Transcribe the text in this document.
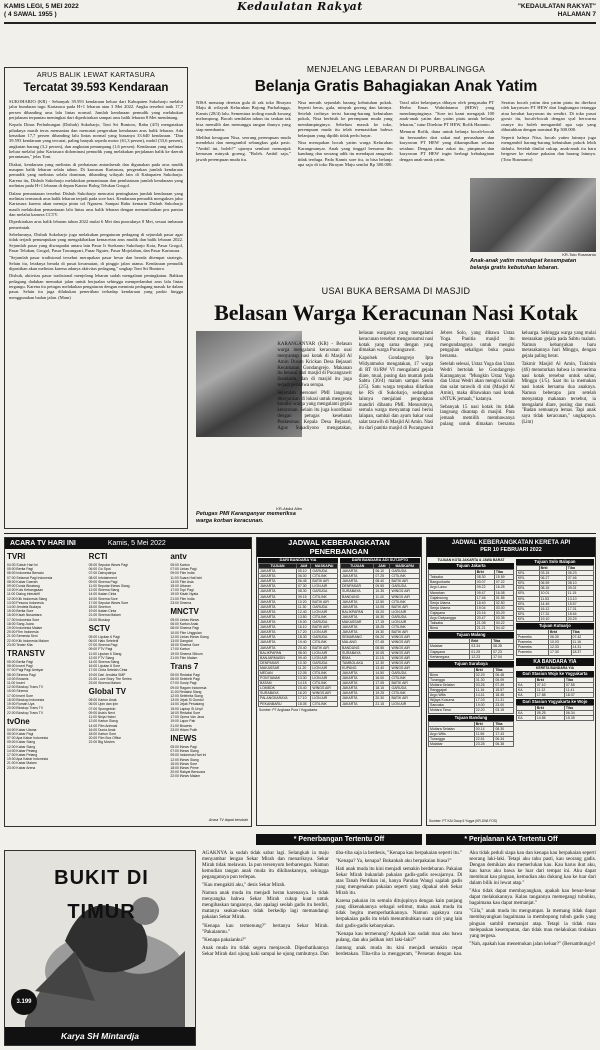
KAMIS LEGI, 5 MEI 2022
( 4 SAWAL 1955 )
Kedaulatan Rakyat	"KEDAULATAN RAKYAT"
HALAMAN 7
ARUS BALIK LEWAT KARTASURA
Tercatat 39.593 Kendaraan

SUKOHARJO (KR) - Sebanyak 39.593 kendaraan keluar dari Kabupaten Sukoharjo melalui jalur bundaran tugu Kartasura pada H+1 lebaran atau 3 Mei 2022. Angka tersebut naik 17,7 persen dibanding arus lalu lintas normal. Jumlah kendaraan pemudik yang melakukan perjalanan terpantau meningkat dari diperkirakan sampai arus balik lebaran 8 Mei mendatang.

Kepala Dinas Perhubungan (Dishub) Sukoharjo, Toni Sri Buntoro, Rabu (4/5) mengatakan pihaknya masih terus memantau dan mencatat pergerakan kendaraan arus balik lebaran. Ada kenaikan 17,7 persen dibanding lalu lintas normal yang biasanya 33.640 kendaraan. "Dan 39.593 kendaraan yang tercatat, paling banyak sepeda motor (61,3 persen), mobil (33,6 persen), angkutan barang (3,2 persen), dan angkutan penumpang (1,6 persen). Kendaraan yang melintas keluar melalui jalur Kartasura didominasi pemudik yang melakukan perjalanan balik ke daerah perantauan," jelas Toni.

Diakui, kendaraan yang melintas di perbatasan antardaerah dan digunakan pada arus mudik maupun balik lebaran selalu tahun. Di kawasan Kartasura, pergerakan jumlah kendaraan pemudik yang melintas selalu dominan, dibanding wilayah lain di Kabupaten Sukoharjo. Karena itu, Dishub Sukoharjo melakukan pemantauan dan pembatasan jumlah kendaraan yang melintas pada H+1 lebaran di depan Kantor Bulog Telukan Grogol.

Dalam pemantauan tersebut Dishub Sukoharjo mencatat peningkatan jumlah kendaraan yang melintas termasuk arus balik lebaran terjadi pada sore hari. Kendaraan pemudik mengakses jalur Kartasura karena akan menuju pintu tol Ngasem. Sampai Rabu kemarin Dishub Sukoharjo masih melakukan pemantauan lalu lintas arus balik lebaran dengan memanfaatkan pos pantau dan melalui kamera CCTV.

Diperkirakan arus balik lebaran tahun 2022 mulai 6 Mei dan puncaknya 8 Mei, sesuai imbauan pemerintah.

Sebelumnya, Dishub Sukoharjo juga melakukan pengaturan pedagang di sejumlah pasar agar tidak terjadi penumpukan yang mengakibatkan kemacetan arus mudik dan balik lebaran 2022. Sejumlah pasar yang diwaspadai antara lain Pasar Ir Soekarno Sukoharjo Kota, Pasar Grogol, Pasar Telukan, Grogol, Pasar Tawangsari, Pasar Nguter, Pasar Mojolaban, dan Pasar Kartasura.

"Sejumlah pasar tradisional tersebut merupakan pasar besar dan berada ditempat strategis. Selain itu, letaknya berada di pusat kecamatan, di pinggir jalan utama. Kendaraan pemudik dipastikan akan melintas karena adanya aktivitas pedagang," ungkap Toni Sri Buntoro.

Dishub, aktivitas pasar tradisional menjelang lebaran sudah mengalami peningkatan. Bahkan pedagang dadakan memakai jalan untuk berjualan sehingga memperlambat arus lalu lintas tergangu. Karena itu petugas melakukan pengaturan dengan meminta pedagang masuk ke dalam pasar. Selain itu juga dilakukan penertiban terhadap kendaraan yang parkir hingga menggunakan badan jalan. (Mam)

MENJELANG LEBARAN DI PURBALINGGA
Belanja Gratis Bahagiakan Anak Yatim

NISA menatap deretan gula di rak toko Birayan Maju di wilayah Kelurahan Bojong Purbalingga, Kamis (28/4) lalu. Sementara troling masih kosong melompong. Bocah sembilan tahun itu seakan tak bisa memilih dan menunggu tangan ibunya yang siap membantu.

Melihat keraguan Nisa, seorang perempuan muda mendekat dan mengambil sebungkus gula pasir. "Ambil ini, boleh?" ujarnya sembari menunjuk kemasan minyak goreng. "Boleh. Ambil saja," jawab perempuan muda itu.

Nisa meraih sejumlah barang kebutuhan pokok. Seperti beras, gula, minyak goreng dan lainnya. Setelah trolinya terisi barang-barang kebutuhan pokok, Nisa berbisik ke perempuan muda yang mendampinginya. Sebelum masuk ke toko, perempuan muda itu telah memastikan bahwa belanjaan yang dipilih tidak perlu bayar.

Nisa merupakan bocah yatim warga Kelurahan Karangmanyar. Anak yang tinggal bersama ibu kandung dan seorang adik itu mendapat anugerah tidak terduga. Pada Kamis sore itu, ia bisa belanja apa saja di toko Birayan Maju senilai Rp 300.000. Total nilai belanjanya dibayar oleh pengusaha PT Herba Emas Wahidatama (HEW) yang mendampinginya. "Sore ini kami mengajak 100 anak-anak yatim dan yatim piatu untuk belanja lebaran," tutur Direktur PT HEW, Rofik Hananto.

Menurut Rofik, dana untuk belanja bocah-bocah itu bersumber dari zakat mal perusahaan dan karyawan PT HEW yang dikumpulkan selama setahun. Dengan dana zakat itu, pimpinan dan karyawan PT HEW ingin berbagi kebahagiaan dengan anak-anak yatim.

Seratus bocah yatim dan yatim piatu itu direkrut oleh karyawan PT HEW dari lingkungan tetangga atau kerabat karyawan itu sendiri. Di toko pusat grosir itu, bocah-bocah dengan syal berwarna oranye itu boleh mengambil apa saja yang dibutuhkan dengan nominal Rp 300.000.

Seperti halnya Nisa, bocah yatim lainnya juga mengambil barang-barang kebutuhan pokok lebih dahulu. Setelah dinilai cukup, anak-anak itu baru bergeser ke etalase pakaian dan barang lainnya. (Toto Rusmanto)

KR-Toto Rusmanto
Anak-anak yatim mendapat kesempatan belanja gratis kebutuhan lebaran.
USAI BUKA BERSAMA DI MASJID
Belasan Warga Keracunan Nasi Kotak

KARANGANYAR (KR) - Belasan warga mengalami keracunan usai menyantap nasi kotak di Masjid Al Amin Dusun Krickan Desa Bejasari Kecamatan Gondangrejo. Makanan itu berasal dari masjid di Pucangsawit Surakarta, dan di masjid itu juga terjadi peristiwa serupa.

Sejumlah personel PMI langsung diterjunkan di lokasi untuk mengecek kondisi warga yang mengalami gejala keracunan. Selain itu juga koordinasi dengan petugas kesehatan Puskesmas. Kepala Desa Bejasari, Agus Supadiyono mengatakan, belasan warganya yang mengalami keracunan tersebut mengonsumsi nasi kotak yang sama dengan yang dimakan warga Pucangsawit.

Kapolsek Gondangrejo Iptu Widyatmoko mengatakan, 17 warga di RT 01/RW VI mengalami gejala diare, mual, pusing dan muntah pada Sabtu (30/4) malam sampai Senin (2/5). Satu warga terpaksa dilarikan ke RS di Sukoharjo, sedangkan lainnya menjalani pengobatan mandiri dibantu PMI. Menurutnya, semula warga menyantap nasi berisi lalapan, sambal dan ayam bakar usai salat tarawih di Masjid Al Amin. Nasi itu dari panitia masjid di Pucangsawit Jebres Solo, yang dibawa Ustaz Yoga. Panitia masjid itu mengundangnya untuk mengisi pengajian sekaligus buka puasa bersama.

Setelah selesai, Ustaz Yoga dan Ustaz Wedri bertolak ke Gondangrejo Karanganyar. "Mungkin Ustaz Yoga dan Ustaz Wedri akan mengisi kuliah dan salat tarawih di sini (Masjid Al Amin), maka dibawakan nasi kotak uNTUK jemaah," katanya.

Sebanyak 15 nasi kotak itu tidak langsung disantap di masjid. Para jemaah memilih membawanya pulang untuk dimakan bersama keluarga. Sehingga warga yang mulai merasakan gejala pada Sabtu malam. Namun kebanyakan baru merasakannya hari Minggu, dengan gejala paling berat.

Takmir Masjid Al Amin, Tukimin (46) menuturkan bahwa ia menerima nasi kotak tersebut untuk sahur, Minggu (1/5). Saat itu ia memakan nasi kotak bersama dua anaknya. Namun beberapa jam setelah menyantap makanan tersebut, ia mengalami diare, pusing dan mual. "Badan semuanya lemas. Tapi anak saya tidak keracunan," ungkapnya. (Lim)

KR-Abdul Alim
Petugas PMI Karanganyar memeriksa warga korban keracunan.
ACARA TV HARI INI	Kamis, 5 Mei 2022
TVRI
04:30 Subuh Hari Ini
05:00 Berita Pagi
06:00 Indonesia Bersatu
07:00 Selamat Pagi Indonesia
08:00 Kabar Daerah
09:00 Dunia Binatang
10:00 Kuis Kebangsaan
11:00 Dialog Interaktif
12:00 Klik Indonesia Siang
13:00 Pesona Indonesia
14:00 Jendela Budaya
15:00 Berita Sore
16:00 Kisah Nusantara
17:00 Indonesia Sore
18:00 Sang Juara
19:00 Indonesia Malam
20:00 Film Indonesia
21:00 Semesta Seni
22:00 Klik Indonesia Malam
23:00 Teater Kita
TRANSTV
05:00 Berita Pagi
06:00 Insert Pagi
07:00 Pagi Pagi Ambyar
08:00 Sinema Pagi
10:00 Brownis
11:00 Insert
12:00 Bioskop Trans TV
15:00 Sinema
17:00 Insert Sore
18:00 Bioskop Indonesia
19:00 Rumah Uya
20:00 Bioskop Trans TV
22:00 Bioskop Trans TV
tvOne
04:00 Kabar Utama
05:00 Kabar Pagi
07:00 Apa Kabar Indonesia
09:00 Kabar Siang
12:00 Kabar Siang
14:00 Kabar Petang
17:00 Kabar Petang
19:00 Apa Kabar Indonesia
21:00 Kabar Malam
23:00 Kabar Arena
RCTI
05:00 Seputar iNews Pagi
06:00 Go Spot
07:00 Dahsyatnya
08:00 Infotainment
09:00 Sinema Pagi
11:00 Seputar iNews Siang
12:00 Sinema Siang
14:00 Ikatan Cinta
16:00 Sinema Sore
17:00 Seputar iNews Sore
18:00 Sinetron
19:00 Ikatan Cinta
21:00 Sinema Malam
23:00 Bioskop
SCTV
05:00 Liputan 6 Pagi
06:00 Halo Selebriti
07:00 Sinema Pagi
09:00 FTV Pagi
11:00 Liputan 6 Siang
12:00 FTV Siang
14:00 Sinema Siang
16:00 Liputan 6 Sore
17:00 Cinta Setelah Cinta
19:00 Dari Jendela SMP
21:00 Love Story The Series
23:00 Sinema Malam
Global TV
05:00 Kartun Anak
06:00 Upin dan Ipin
07:00 Spongebob
09:00 Asia's Next
11:00 Ninja Hatori
12:00 Kartun Siang
14:00 Film Animasi
16:00 Dunia Anak
18:00 Kartun Sore
20:00 Film Box Office
22:00 Big Movies
antv
05:00 Kartun
07:00 Lintas Pagi
09:00 Film India
11:00 Suara Hati Istri
13:00 Film Asia
15:00 Uttaran
17:00 Topi Pagi
19:00 Kisah Nyata
21:00 Film India
23:00 Sinema
MNCTV
05:00 Lintas iNews
06:00 Kartun Anak
08:00 Sinema Pagi
10:00 Film Unggulan
12:00 Lintas iNews Siang
13:00 Dangdut
15:00 Sinema Sore
17:00 Kartun
19:00 Sinema Sitkom
21:00 Film Malam
Trans 7
05:00 Redaksi Pagi
06:00 Selebriti Pagi
07:00 Gosip Pagi
09:00 Ragam Indonesia
11:00 Redaksi Siang
12:00 Selebrita Siang
13:00 Jejak Si Gundul
14:00 Jejak Petualang
15:00 Laptop Si Unyil
16:00 Redaksi Sore
17:00 Opera Van Java
19:00 Lapor Pak
21:00 Brownis
23:00 Hitam Putih
INEWS
05:00 iNews Pagi
07:00 iNews Siang
09:00 Indonesia Hari Ini
12:00 iNews Siang
15:00 iNews Sore
18:00 iNews Prime
20:00 Rakyat Bersuara
22:00 iNews Malam
Acara TV dapat berubah
JADWAL KEBERANGKATAN PENERBANGAN
DARI BANDARA YIA
TUJUAN	JAM	MASKAPAI
JAKARTA	05.10	GARUDA
JAKARTA	06.00	CITILINK
JAKARTA	06.45	BATIK AIR
JAKARTA	07.30	LION AIR
JAKARTA	08.30	GARUDA
JAKARTA	09.15	CITILINK
JAKARTA	10.20	BATIK AIR
JAKARTA	11.30	GARUDA
JAKARTA	12.40	LION AIR
JAKARTA	13.50	CITILINK
JAKARTA	15.00	GARUDA
JAKARTA	16.10	BATIK AIR
JAKARTA	17.20	LION AIR
JAKARTA	18.30	GARUDA
JAKARTA	19.40	CITILINK
JAKARTA	20.40	BATIK AIR
BALIKPAPAN	08.00	LION AIR
BANJARMASIN	09.40	LION AIR
DENPASAR	10.30	GARUDA
MAKASSAR	11.20	LION AIR
MEDAN	12.05	CITILINK
PONTIANAK	13.30	LION AIR
BATAM	14.15	CITILINK
LOMBOK	15.40	WINGS AIR
SURABAYA	16.20	WINGS AIR
PALANGKARAYA	17.10	LION AIR
PEKANBARU	18.05	CITILINK
DARI BANDARA ADI SUTJIPTO
TUJUAN	JAM	MASKAPAI
JAKARTA	06.10	GARUDA
JAKARTA	07.25	CITILINK
JAKARTA	08.40	BATIK AIR
DENPASAR	09.55	GARUDA
SURABAYA	10.35	WINGS AIR
BANDUNG	11.40	WINGS AIR
JAKARTA	12.50	CITILINK
JAKARTA	14.05	BATIK AIR
BALIKPAPAN	15.20	LION AIR
JAKARTA	16.30	GARUDA
MAKASSAR	17.15	LION AIR
JAKARTA	18.25	CITILINK
JAKARTA	19.30	BATIK AIR
SEMARANG	06.20	WINGS AIR
MALANG	07.45	WINGS AIR
BANDUNG	08.55	WINGS AIR
SURABAYA	10.05	WINGS AIR
BIMA	11.15	WINGS AIR
TAMBOLAKA	12.30	WINGS AIR
KUPANG	13.40	WINGS AIR
JAKARTA	14.50	GARUDA
JAKARTA	16.00	CITILINK
JAKARTA	17.05	BATIK AIR
JAKARTA	18.15	GARUDA
JAKARTA	19.25	CITILINK
JAKARTA	20.30	BATIK AIR
JAKARTA	21.15	LION AIR
Sumber: PT Angkasa Pura I Yogyakarta
* Penerbangan Tertentu Off
JADWAL KEBERANGKATAN KERETA API
PER 10 FEBRUARI 2022
TUJUAN KOTA JAKARTA & JAWA BARAT
Tujuan Jakarta
	Brkt	Tiba
Taksaka	08.30	15.59
Bangunkarta	00.07	07.22
Argo Lawu	09.22	16.25
Manahan	09.47	16.08
Gajahwong	17.46	01.55
Senja Utama	18.40	02.50
Senja Utama	19.04	03.00
Gajayana	20.16	03.29
Argo Dwipangga	20.47	03.35
Taksaka	21.08	04.22
Bima	21.21	04.42
Tujuan Malang
	Brkt	Tiba
Malabar	03.34	08.28
Gajayana	01.25	07.23
Kertanegara	12.23	17.04
Tujuan Surabaya
	Brkt	Tiba
Bima	02.29	06.48
Turangga	01.30	05.09
Mutiara Selatan	03.26	07.49
Ranggajati	11.16	15.57
Argo Wilis	14.41	18.45
Wijaya Kusuma	17.03	21.31
Sancaka	19.00	23.00
Mutiara Timur	22.20	03.15
Tujuan Bandung
	Brkt	Tiba
Mutiara Selatan	00.14	08.30
Argo Wilis	11.56	17.43
Turangga	22.51	06.34
Malabar	23.28	06.38
Tujuan Solo Balapan
	Brkt	Tiba
KRL	03.15	06.23
KRL	06.27	07.46
KRL	06.59	08.10
KRL	08.15	09.31
KRL	10.01	11.15
KRL	11.53	13.10
KRL	14.49	15.57
KRL	16.12	17.31
KRL	17.31	18.54
KRL	19.10	20.29
Tujuan Kutoarjo
	Brkt	Tiba
Prameks	06.30	07.42
Prameks	10.03	11.16
Prameks	12.33	14.31
Prameks	17.30	18.37
KA BANDARA YIA
KERETA BANDARA YIA
Dari Stasiun Wojo ke Yogyakarta
	Brkt	Tiba
KA	07.10	07.55
KA	11.12	11.41
KA	17.58	18.37
Dari Stasiun Yogyakarta ke Wojo
	Brkt	Tiba
KA	05.25	06.34
KA	14.55	15.35
Sumber: PT KAI Daop 6 Yogya (KR-DWI.FOS)
* Perjalanan KA Tertentu Off
BUKIT DI TIMUR
3.199
Karya SH Mintardja

AGAKNYA ia sudah tidak sabar lagi. Selangkah ia maju menyambar lengan Sekar Mirah dan menariknya. Sekar Mirah tidak melawan. Ia pun tersenyum berbarengan. Namun kemudian tangan anak muda itu dikibaskannya, sehingga pegangannya pun terlepas.

"Kau mengakiti aku," desis Sekar Mirah.

Namun anak muda itu menjadi heran karenanya. Ia tidak menyangka bahwa Sekar Mirah cukup kuat untuk mengibaskan tangannya, dan apalagi seolah gadis itu berdiri, matanya seakan-akan tidak berkedip lagi memandangi pakaian Sekar Mirah.

"Kenapa kau termenung?" bertanya Sekar Mirah. "Pakaianmu."

"Kenapa pakaianku?"

Anak muda itu tidak segera menjawab. Diperhatikannya Sekar Mirah dari ujung kaki sampai ke ujung rambutnya. Dan tiba-tiba saja ia berdesis, "Kenapa kau berpakaian seperti itu."

"Kenapa? Ya, kenapa? Bukankah aku berpakaian biasa?"

Hati anak muda itu kini menjadi semakin berdebaran. Pakaian Sekar Mirah bukanlah pakaian gadis-gadis sewajarnya. Di atas Tanah Perdikan ini, hanya Pandan Wangi sajalah gadis yang mengenakan pakaian seperti yang dipakai oleh Sekar Mirah itu.

Karena pakaian itu semula ditujupinya dengan kain panjang yang dikenakannya sebagai selimut, maka anak muda itu tidak begitu memperhatikannya. Namun agaknya cara berpakaian gadis itu telah menumbuhkan suatu ciri yang lain dari gadis-gadis kebanyakan.

"Kenapa kau termenung? Apakah kau sudah mau aku bawa pulang, dan aku jadikan istri laki-laki?"

Jantung anak muda itu kini menjadi semakin cepat berdetakan. Tiba-tiba ia menggeram, "Persetan dengan kau. Aku tidak peduli siapa kau dan kenapa kau berpakaian seperti seorang laki-laki. Tetapi aku tahu pasti, kau seorang gadis. Dengan demikian aku memerlukan kau. Kau harus ikut aku, kau harus aku bawa ke luar dari tempat ini. Aku dapat membuat kau pingsan, kemudian aku dukung kau ke luar dari dalam bilik ini lewat atap."

"Aku tidak dapat membayangkan, apakah kau benar-benar dapat melakukannya. Kalau tangannya memegangi tubuhku, bagaimana kau dapat memanjat."

"Gila," anak muda itu mengumpat. Ia memang tidak dapat membayangkan bagaimana ia membopong tubuh gadis yang pingsan sambil memanjat atap. Tetapi ia tidak mau melepaskan kesempatan, dan tidak mau melakukan tindakan yang tergesa.

"Nah, apakah kau menemukan jalan keluar?" (Bersambung)-f
